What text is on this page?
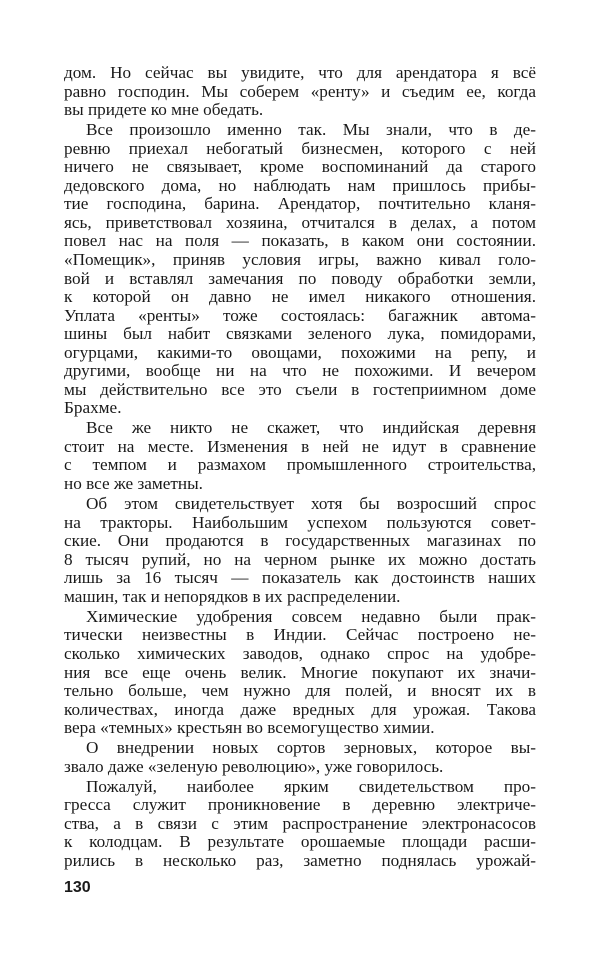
дом. Но сейчас вы увидите, что для арендатора я всё
равно господин. Мы соберем «ренту» и съедим ее, когда
вы придете ко мне обедать.
Все произошло именно так. Мы знали, что в де-
ревню приехал небогатый бизнесмен, которого с ней
ничего не связывает, кроме воспоминаний да старого
дедовского дома, но наблюдать нам пришлось прибы-
тие господина, барина. Арендатор, почтительно кланя-
ясь, приветствовал хозяина, отчитался в делах, а потом
повел нас на поля — показать, в каком они состоянии.
«Помещик», приняв условия игры, важно кивал голо-
вой и вставлял замечания по поводу обработки земли,
к которой он давно не имел никакого отношения.
Уплата «ренты» тоже состоялась: багажник автома-
шины был набит связками зеленого лука, помидорами,
огурцами, какими-то овощами, похожими на репу, и
другими, вообще ни на что не похожими. И вечером
мы действительно все это съели в гостеприимном доме
Брахме.
Все же никто не скажет, что индийская деревня
стоит на месте. Изменения в ней не идут в сравнение
с темпом и размахом промышленного строительства,
но все же заметны.
Об этом свидетельствует хотя бы возросший спрос
на тракторы. Наибольшим успехом пользуются совет-
ские. Они продаются в государственных магазинах по
8 тысяч рупий, но на черном рынке их можно достать
лишь за 16 тысяч — показатель как достоинств наших
машин, так и непорядков в их распределении.
Химические удобрения совсем недавно были прак-
тически неизвестны в Индии. Сейчас построено не-
сколько химических заводов, однако спрос на удобре-
ния все еще очень велик. Многие покупают их значи-
тельно больше, чем нужно для полей, и вносят их в
количествах, иногда даже вредных для урожая. Такова
вера «темных» крестьян во всемогущество химии.
О внедрении новых сортов зерновых, которое вы-
звало даже «зеленую революцию», уже говорилось.
Пожалуй, наиболее ярким свидетельством про-
гресса служит проникновение в деревню электриче-
ства, а в связи с этим распространение электронасосов
к колодцам. В результате орошаемые площади расши-
рились в несколько раз, заметно поднялась урожай-
130
